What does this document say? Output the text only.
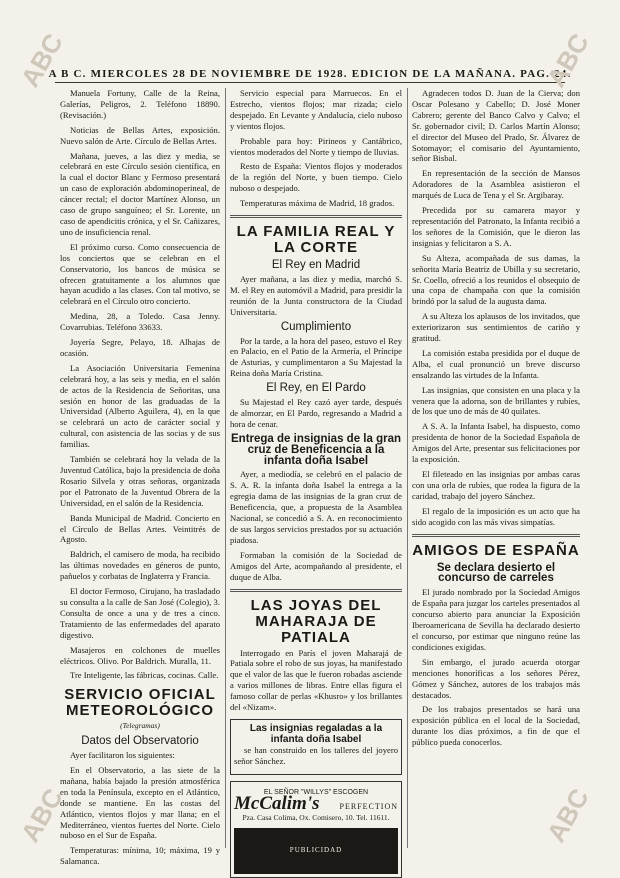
A B C. MIERCOLES 28 DE NOVIEMBRE DE 1928. EDICION DE LA MAÑANA. PAG. 24.

Manuela Fortuny, Calle de la Reina, Galerías, Peligros, 2. Teléfono 18890. (Revisación.)

Noticias de Bellas Artes, exposición. Nuevo salón de Arte. Círculo de Bellas Artes.

Mañana, jueves, a las diez y media, se celebrará en este Círculo sesión científica, en la cual el doctor Blanc y Fermoso presentará un caso de exploración abdominoperineal, de cáncer rectal; el doctor Martínez Alonso, un caso de grupo sanguíneo; el Sr. Lorente, un caso de apendicitis crónica, y el Sr. Cañizares, uno de insuficiencia renal.

El próximo curso. Como consecuencia de los conciertos que se celebran en el Conservatorio, los bancos de música se ofrecen gratuitamente a los alumnos que hayan acudido a las clases. Con tal motivo, se celebrará en el Círculo otro concierto.

Medina, 28, a Toledo. Casa Jenny. Covarrubias. Teléfono 33633.

Joyería Segre, Pelayo, 18. Alhajas de ocasión.

La Asociación Universitaria Femenina celebrará hoy, a las seis y media, en el salón de actos de la Residencia de Señoritas, una sesión en honor de las graduadas de la Universidad (Alberto Aguilera, 4), en la que se celebrará un acto de carácter social y cultural, con asistencia de las socias y de sus familias.

También se celebrará hoy la velada de la Juventud Católica, bajo la presidencia de doña Rosario Silvela y otras señoras, organizada por el Patronato de la Juventud Obrera de la Universidad, en el salón de la Residencia.

Banda Municipal de Madrid. Concierto en el Círculo de Bellas Artes. Veintitrés de Agosto.

Baldrich, el camisero de moda, ha recibido las últimas novedades en géneros de punto, pañuelos y corbatas de Inglaterra y Francia.

El doctor Fermoso, Cirujano, ha trasladado su consulta a la calle de San José (Colegio), 3. Consulta de once a una y de tres a cinco. Tratamiento de las enfermedades del aparato digestivo.

Masajeros en colchones de muelles eléctricos. Olivo. Por Baldrich. Muralla, 11.

Tre Inteligente, las fábricas, cocinas. Calle.

SERVICIO OFICIAL METEOROLÓGICO
(Telegramas)
Datos del Observatorio

Ayer facilitaron los siguientes:

En el Observatorio, a las siete de la mañana, había bajado la presión atmosférica en toda la Península, excepto en el Atlántico, donde se mantiene. En las costas del Atlántico, vientos flojos y mar llana; en el Mediterráneo, vientos fuertes del Norte. Cielo nuboso en el Sur de España.

Temperaturas: mínima, 10; máxima, 19 y Salamanca.

Servicio especial para Marruecos. En el Estrecho, vientos flojos; mar rizada; cielo despejado. En Levante y Andalucía, cielo nuboso y vientos flojos.

Probable para hoy: Pirineos y Cantábrico, vientos moderados del Norte y tiempo de lluvias.

Resto de España: Vientos flojos y moderados de la región del Norte, y buen tiempo. Cielo nuboso o despejado.

Temperaturas máxima de Madrid, 18 grados.

LA FAMILIA REAL Y LA CORTE
El Rey en Madrid

Ayer mañana, a las diez y media, marchó S. M. el Rey en automóvil a Madrid, para presidir la reunión de la Junta constructora de la Ciudad Universitaria.

Cumplimiento

Por la tarde, a la hora del paseo, estuvo el Rey en Palacio, en el Patio de la Armería, el Príncipe de Asturias, y cumplimentaron a Su Majestad la Reina doña María Cristina.

El Rey, en El Pardo

Su Majestad el Rey cazó ayer tarde, después de almorzar, en El Pardo, regresando a Madrid a hora de cenar.

Entrega de insignias de la gran cruz de Beneficencia a la infanta doña Isabel

Ayer, a mediodía, se celebró en el palacio de S. A. R. la infanta doña Isabel la entrega a la egregia dama de las insignias de la gran cruz de Beneficencia, que, a propuesta de la Asamblea Nacional, se concedió a S. A. en reconocimiento de sus largos servicios prestados por su actuación piadosa.

Formaban la comisión de la Sociedad de Amigos del Arte, acompañando al presidente, el duque de Alba.

LAS JOYAS DEL MAHARAJA DE PATIALA

Interrogado en París el joven Maharajá de Patiala sobre el robo de sus joyas, ha manifestado que el valor de las que le fueron robadas asciende a varios millones de libras. Entre ellas figura el famoso collar de perlas «Khusro» y los brillantes del «Nizam».

Las insignias regaladas a la infanta doña Isabel

se han construido en los talleres del joyero señor Sánchez.

EL SEÑOR "WILLYS" ESCOGEN
McCalim's	PERFECTION
Pza. Casa Colima, Ox. Comisero, 10. Tel. 11611.
PUBLICIDAD

Agradecen todos D. Juan de la Cierva; don Oscar Polesano y Cabello; D. José Moner Cabrero; gerente del Banco Calvo y Calvo; el Sr. gobernador civil; D. Carlos Martín Alonso; el director del Museo del Prado, Sr. Álvarez de Sotomayor; el comisario del Ayuntamiento, señor Bisbal.

En representación de la sección de Mansos Adoradores de la Asamblea asistieron el marqués de Luca de Tena y el Sr. Argibaray.

Precedida por su camarera mayor y representación del Patronato, la Infanta recibió a los señores de la Comisión, que le dieron las insignias y felicitaron a S. A.

Su Alteza, acompañada de sus damas, la señorita María Beatriz de Ubilla y su secretario, Sr. Coello, ofreció a los reunidos el obsequio de una copa de champaña con que la comisión brindó por la salud de la augusta dama.

A su Alteza los aplausos de los invitados, que exteriorizaron sus sentimientos de cariño y gratitud.

La comisión estaba presidida por el duque de Alba, el cual pronunció un breve discurso ensalzando las virtudes de la Infanta.

Las insignias, que consisten en una placa y la venera que la adorna, son de brillantes y rubíes, de los que uno de más de 40 quilates.

A S. A. la Infanta Isabel, ha dispuesto, como presidenta de honor de la Sociedad Española de Amigos del Arte, presentar sus felicitaciones por la exposición.

El fileteado en las insignias por ambas caras con una orla de rubíes, que rodea la figura de la caridad, trabajo del joyero Sánchez.

El regalo de la imposición es un acto que ha sido acogido con las más vivas simpatías.

AMIGOS DE ESPAÑA
Se declara desierto el concurso de carreles

El jurado nombrado por la Sociedad Amigos de España para juzgar los carteles presentados al concurso abierto para anunciar la Exposición Iberoamericana de Sevilla ha declarado desierto el concurso, por estimar que ninguno reúne las condiciones exigidas.

Sin embargo, el jurado acuerda otorgar menciones honoríficas a los señores Pérez, Gómez y Sánchez, autores de los trabajos más destacados.

De los trabajos presentados se hará una exposición pública en el local de la Sociedad, durante los días próximos, a fin de que el público pueda conocerlos.

ABC	ABC
ABC	ABC
